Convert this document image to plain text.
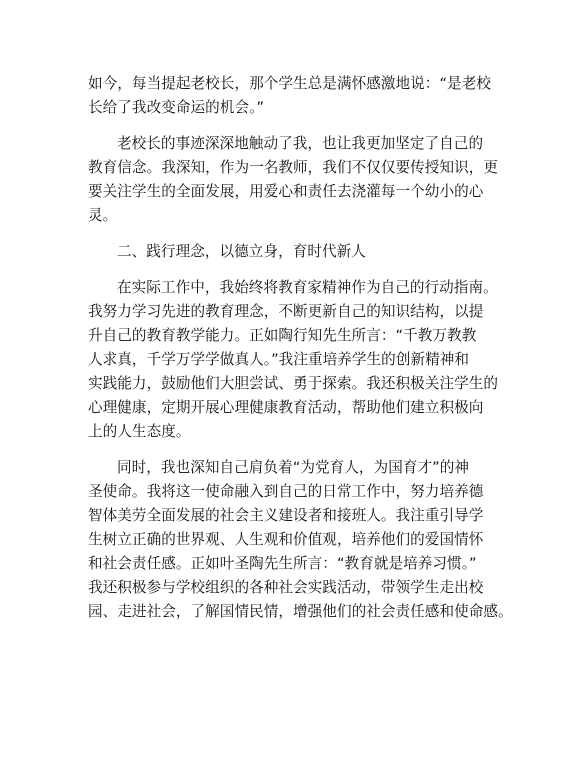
如今，每当提起老校长，那个学生总是满怀感激地说：“是老校
长给了我改变命运的机会。”
老校长的事迹深深地触动了我，也让我更加坚定了自己的
教育信念。我深知，作为一名教师，我们不仅仅要传授知识，更
要关注学生的全面发展，用爱心和责任去浇灌每一个幼小的心
灵。
二、践行理念，以德立身，育时代新人
在实际工作中，我始终将教育家精神作为自己的行动指南。
我努力学习先进的教育理念，不断更新自己的知识结构，以提
升自己的教育教学能力。正如陶行知先生所言：“千教万教教
人求真，千学万学学做真人。”我注重培养学生的创新精神和
实践能力，鼓励他们大胆尝试、勇于探索。我还积极关注学生的
心理健康，定期开展心理健康教育活动，帮助他们建立积极向
上的人生态度。
同时，我也深知自己肩负着“为党育人，为国育才”的神
圣使命。我将这一使命融入到自己的日常工作中，努力培养德
智体美劳全面发展的社会主义建设者和接班人。我注重引导学
生树立正确的世界观、人生观和价值观，培养他们的爱国情怀
和社会责任感。正如叶圣陶先生所言：“教育就是培养习惯。”
我还积极参与学校组织的各种社会实践活动，带领学生走出校
园、走进社会，了解国情民情，增强他们的社会责任感和使命感。
